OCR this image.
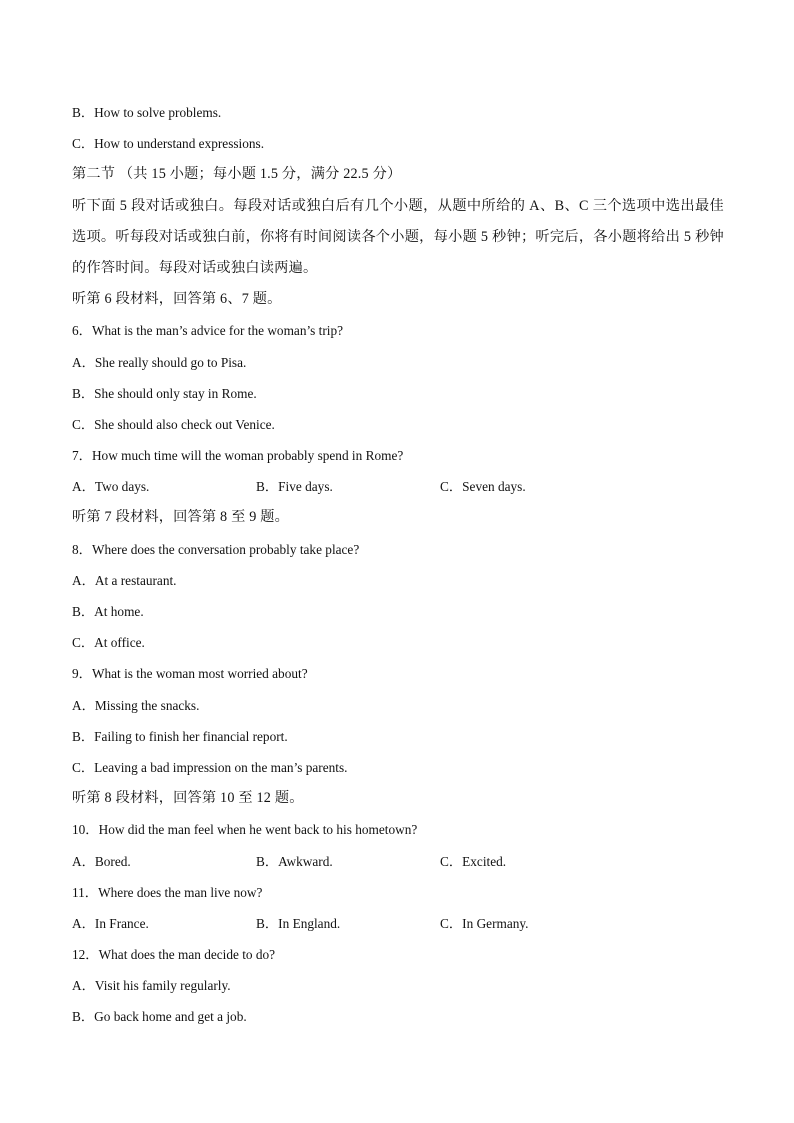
B．How to solve problems.
C．How to understand expressions.
第二节 （共 15 小题；每小题 1.5 分，满分 22.5 分）
听下面 5 段对话或独白。每段对话或独白后有几个小题，从题中所给的 A、B、C 三个选项中选出最佳选项。听每段对话或独白前，你将有时间阅读各个小题，每小题 5 秒钟；听完后，各小题将给出 5 秒钟的作答时间。每段对话或独白读两遍。
听第 6 段材料，回答第 6、7 题。
6．What is the man’s advice for the woman’s trip?
A．She really should go to Pisa.
B．She should only stay in Rome.
C．She should also check out Venice.
7．How much time will the woman probably spend in Rome?
A．Two days.	B．Five days.	C．Seven days.
听第 7 段材料，回答第 8 至 9 题。
8．Where does the conversation probably take place?
A．At a restaurant.
B．At home.
C．At office.
9．What is the woman most worried about?
A．Missing the snacks.
B．Failing to finish her financial report.
C．Leaving a bad impression on the man’s parents.
听第 8 段材料，回答第 10 至 12 题。
10．How did the man feel when he went back to his hometown?
A．Bored.	B．Awkward.	C．Excited.
11．Where does the man live now?
A．In France.	B．In England.	C．In Germany.
12．What does the man decide to do?
A．Visit his family regularly.
B．Go back home and get a job.
